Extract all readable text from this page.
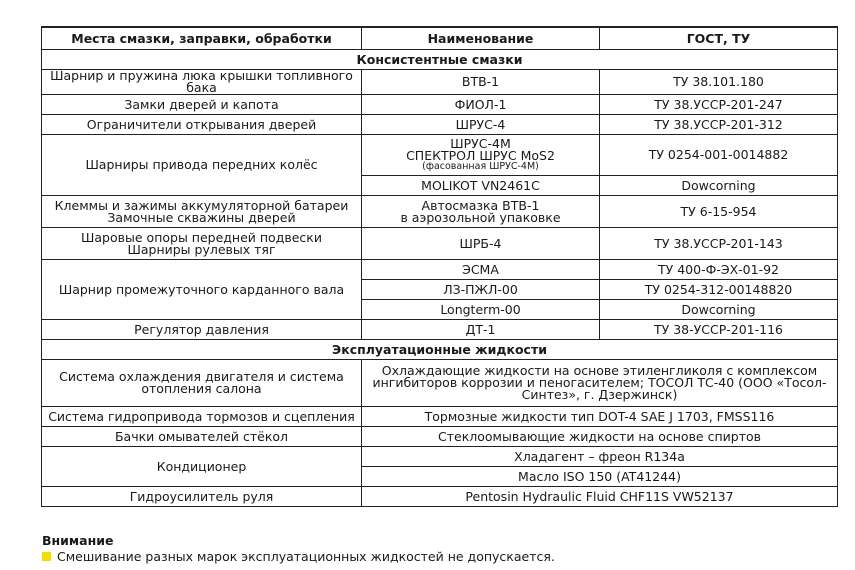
Места смазки, заправки, обработки	Наименование	ГОСТ, ТУ
Консистентные смазки		
Шарнир и пружина люка крышки топливного бака	ВТВ-1	ТУ 38.101.180
Замки дверей и капота	ФИОЛ-1	ТУ 38.УССР-201-247
Ограничители открывания дверей	ШРУС-4	ТУ 38.УССР-201-312
Шарниры привода передних колёс	ШРУС-4М
СПЕКТРОЛ ШРУС MoS2
(фасованная ШРУС-4М)	ТУ 0254-001-0014882
	MOLIKOT VN2461C	Dowcorning

Клеммы и зажимы аккумуляторной батареи
Замочные скважины дверей	Автосмазка ВТВ-1
в аэрозольной упаковке	ТУ 6-15-954

Шаровые опоры передней подвески
Шарниры рулевых тяг	ШРБ-4	ТУ 38.УССР-201-143
Шарнир промежуточного карданного вала	ЭСМА	ТУ 400-Ф-ЭХ-01-92
	ЛЗ-ПЖЛ-00	ТУ 0254-312-00148820
	Longterm-00	Dowcorning
Регулятор давления	ДТ-1	ТУ 38-УССР-201-116
Эксплуатационные жидкости		

Система охлаждения двигателя и система
отопления салона	Охлаждающие жидкости на основе этиленгликоля с комплексом
ингибиторов коррозии и пеногасителем; ТОСОЛ ТС-40 (ООО «Тосол-
Синтез», г. Дзержинск)	

Система гидропривода тормозов и сцепления	Тормозные жидкости тип DOT-4 SAE J 1703, FMSS116	
Бачки омывателей стёкол	Стеклоомывающие жидкости на основе спиртов	
Кондиционер	Хладагент – фреон R134a	
	Масло ISO 150 (AT41244)	
Гидроусилитель руля	Pentosin Hydraulic Fluid CHF11S VW52137	
Внимание
Смешивание разных марок эксплуатационных жидкостей не допускается.
